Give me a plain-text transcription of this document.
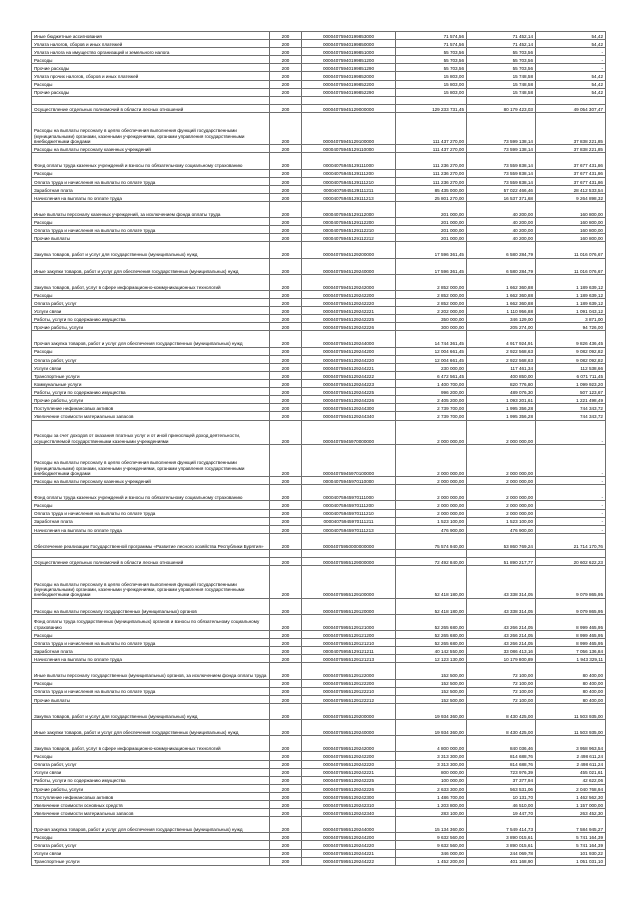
Иные бюджетные ассигнования	200	00004075940199853000	71 574,56	71 452,14	54,42
Уплата налогов, сборов и иных платежей	200	00004075940199850000	71 574,56	71 452,14	54,42
Уплата налога на имущество организаций и земельного налога	200	00004075940199851000	55 703,56	55 703,56	-
Расходы	200	00004075940199851200	55 703,56	55 703,56	-
Прочие расходы	200	00004075940199851290	55 703,56	55 703,56	-
Уплата прочих налогов, сборов и иных платежей	200	00004075940199852000	15 803,00	15 748,58	54,42
Расходы	200	00004075940199852200	15 803,00	15 748,58	54,42
Прочие расходы	200	00004075940199852290	15 803,00	15 748,58	54,42

Осуществление отдельных полномочий в области лесных отношений	200	00004075945129000000	129 233 731,45	80 179 423,03	49 054 307,47
Расходы на выплаты персоналу в целях обеспечения выполнения функций государственными (муниципальными) органами, казенными учреждениями, органами управления государственными внебюджетными фондами	200	00004075945129100000	111 437 270,00	73 599 138,14	37 838 221,85
Расходы на выплаты персоналу казенных учреждений	200	00004075945129110000	111 437 270,00	73 599 138,14	37 838 221,85
Фонд оплаты труда казенных учреждений и взносы по обязательному социальному страхованию	200	00004075945129111000	111 236 270,00	73 559 838,14	37 677 431,86
Расходы	200	00004075945129111200	111 236 270,00	73 559 838,14	37 677 431,86
Оплата труда и начисления на выплаты по оплате труда	200	00004075945129111210	111 236 270,00	73 559 838,14	37 677 431,86
Заработная плата	200	00004075945129111211	85 435 000,00	57 022 466,46	28 412 533,54
Начисления на выплаты по оплате труда	200	00004075945129111213	25 801 270,00	16 537 371,68	9 264 898,32
Иные выплаты персоналу казенных учреждений, за исключением фонда оплаты труда	200	00004075945129112000	201 000,00	40 200,00	160 800,00
Расходы	200	00004075945129112200	201 000,00	40 200,00	160 800,00
Оплата труда и начисления на выплаты по оплате труда	200	00004075945129112210	201 000,00	40 200,00	160 800,00
Прочие выплаты	200	00004075945129112212	201 000,00	40 200,00	160 800,00
Закупка товаров, работ и услуг для государственных (муниципальных) нужд	200	00004075945129200000	17 596 361,45	6 580 284,79	11 016 076,67
Иные закупки товаров, работ и услуг для обеспечения государственных (муниципальных) нужд	200	00004075945129240000	17 596 361,45	6 580 284,79	11 016 076,67
Закупка товаров, работ, услуг в сфере информационно-коммуникационных технологий	200	00004075945129242000	2 852 000,00	1 662 360,88	1 189 639,12
Расходы	200	00004075945129242200	2 852 000,00	1 662 360,88	1 189 639,12
Оплата работ, услуг	200	00004075945129242220	2 852 000,00	1 662 360,88	1 189 639,12
Услуги связи	200	00004075945129242221	2 202 000,00	1 110 956,88	1 091 043,12
Работы, услуги по содержанию имущества	200	00004075945129242225	350 000,00	346 129,00	3 871,00
Прочие работы, услуги	200	00004075945129242226	300 000,00	205 274,00	94 726,00
Прочая закупка товаров, работ и услуг для обеспечения государственных (муниципальных) нужд	200	00004075945129244000	14 744 361,45	4 917 924,91	9 826 436,45
Расходы	200	00004075945129244200	12 004 661,45	2 922 568,63	9 082 092,82
Оплата работ, услуг	200	00004075945129244220	12 004 661,45	2 922 568,63	9 082 092,82
Услуги связи	200	00004075945129244221	230 000,00	117 461,34	112 538,66
Транспортные услуги	200	00004075945129244222	6 472 561,45	400 850,00	6 071 711,45
Коммунальные услуги	200	00004075945129244223	1 400 700,00	820 776,80	1 099 923,20
Работы, услуги по содержанию имущества	200	00004075945129244225	996 200,00	489 076,30	507 123,67
Прочие работы, услуги	200	00004075945129244226	2 405 200,00	1 093 201,61	1 221 498,49
Поступление нефинансовых активов	200	00004075945129244300	2 739 700,00	1 995 356,28	744 343,72
Увеличение стоимости материальных запасов	200	00004075945129244340	2 739 700,00	1 995 356,28	744 343,72
Расходы за счет доходов от оказания платных услуг и от иной приносящей доход деятельности, осуществляемой государственными казенными учреждениями	200	00004075945970000000	2 000 000,00	2 000 000,00	-
Расходы на выплаты персоналу в целях обеспечения выполнения функций государственными (муниципальными) органами, казенными учреждениями, органами управления государственными внебюджетными фондами	200	00004075945970100000	2 000 000,00	2 000 000,00	-
Расходы на выплаты персоналу казенных учреждений	200	00004075945970110000	2 000 000,00	2 000 000,00	-
Фонд оплаты труда казенных учреждений и взносы по обязательному социальному страхованию	200	00004075945970111000	2 000 000,00	2 000 000,00	-
Расходы	200	00004075945970111200	2 000 000,00	2 000 000,00	-
Оплата труда и начисления на выплаты по оплате труда	200	00004075945970111210	2 000 000,00	2 000 000,00	-
Заработная плата	200	00004075945970111211	1 523 100,00	1 523 100,00	-
Начисления на выплаты по оплате труда	200	00004075945970111213	476 900,00	476 900,00	-
Обеспечение реализации Государственной программы «Развитие лесного хозяйства Республики Бурятия»	200	00004075950000000000	75 574 940,00	53 860 769,24	21 714 170,76

Осуществление отдельных полномочий в области лесных отношений	200	00004075955129000000	72 492 840,00	51 890 217,77	20 602 622,23
Расходы на выплаты персоналу в целях обеспечения выполнения функций государственными (муниципальными) органами, казенными учреждениями, органами управления государственными внебюджетными фондами	200	00004075955129100000	52 418 180,00	43 338 314,05	9 079 865,95
Расходы на выплаты персоналу государственных (муниципальных) органов	200	00004075955129120000	52 418 180,00	43 338 314,05	9 079 865,95
Фонд оплаты труда государственных (муниципальных) органов и взносы по обязательному социальному страхованию	200	00004075955129121000	52 265 680,00	43 266 214,05	8 999 465,95
Расходы	200	00004075955129121200	52 265 680,00	43 266 214,05	8 999 465,95
Оплата труда и начисления на выплаты по оплате труда	200	00004075955129121210	52 265 680,00	43 266 214,05	8 999 465,95
Заработная плата	200	00004075955129121211	40 142 550,00	33 086 413,16	7 056 136,84
Начисления на выплаты по оплате труда	200	00004075955129121213	12 123 130,00	10 179 800,89	1 943 329,11
Иные выплаты персоналу государственных (муниципальных) органов, за исключением фонда оплаты труда	200	00004075955129122000	152 500,00	72 100,00	80 400,00
Расходы	200	00004075955129122200	152 500,00	72 100,00	80 400,00
Оплата труда и начисления на выплаты по оплате труда	200	00004075955129122210	152 500,00	72 100,00	80 400,00
Прочие выплаты	200	00004075955129122212	152 500,00	72 100,00	80 400,00
Закупка товаров, работ и услуг для государственных (муниципальных) нужд	200	00004075955129200000	19 934 360,00	8 430 425,00	11 503 935,00
Иные закупки товаров, работ и услуг для обеспечения государственных (муниципальных) нужд	200	00004075955129240000	19 934 360,00	8 430 425,00	11 503 935,00
Закупка товаров, работ, услуг в сфере информационно-коммуникационных технологий	200	00004075955129242000	4 800 000,00	840 036,46	3 958 963,54
Расходы	200	00004075955129242200	3 313 300,00	814 688,76	2 498 611,24
Оплата работ, услуг	200	00004075955129242220	3 313 300,00	814 688,76	2 498 611,24
Услуги связи	200	00004075955129242221	800 000,00	723 976,39	455 021,61
Работы, услуги по содержанию имущества	200	00004075955129242225	100 000,00	37 377,94	42 622,06
Прочие работы, услуги	200	00004075955129242226	2 633 300,00	563 531,06	2 040 768,94
Поступление нефинансовых активов	200	00004075955129242300	1 486 700,00	10 131,70	1 462 562,30
Увеличение стоимости основных средств	200	00004075955129242310	1 203 800,00	46 510,00	1 157 000,00
Увеличение стоимости материальных запасов	200	00004075955129242340	283 100,00	19 447,70	263 452,30
Прочая закупка товаров, работ и услуг для обеспечения государственных (муниципальных) нужд	200	00004075955129244000	15 134 360,00	7 549 414,73	7 584 945,27
Расходы	200	00004075955129244200	9 632 560,00	3 890 015,61	5 741 164,39
Оплата работ, услуг	200	00004075955129244220	9 632 560,00	3 890 015,61	5 741 164,39
Услуги связи	200	00004075955129244221	346 000,00	244 069,78	101 930,22
Транспортные услуги	200	00004075955129244222	1 452 200,00	401 168,90	1 051 031,10
